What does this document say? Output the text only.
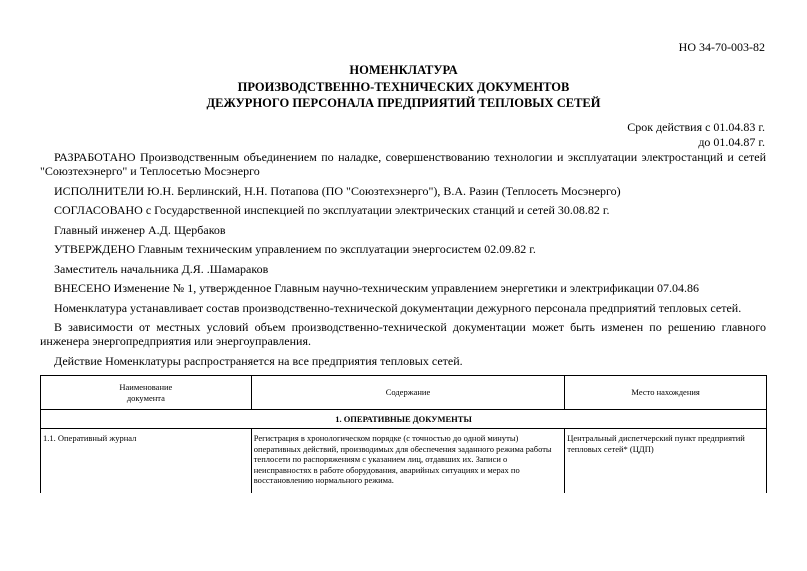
НО 34-70-003-82
НОМЕНКЛАТУРА
ПРОИЗВОДСТВЕННО-ТЕХНИЧЕСКИХ ДОКУМЕНТОВ
ДЕЖУРНОГО ПЕРСОНАЛА ПРЕДПРИЯТИЙ ТЕПЛОВЫХ СЕТЕЙ
Срок действия с 01.04.83 г.
до 01.04.87 г.

РАЗРАБОТАНО Производственным объединением по наладке, совершенствованию технологии и эксплуатации электростанций и сетей "Союзтехэнерго" и Теплосетью Мосэнерго

ИСПОЛНИТЕЛИ Ю.Н. Берлинский, Н.Н. Потапова (ПО "Союзтехэнерго"), В.А. Разин (Теплосеть Мосэнерго)

СОГЛАСОВАНО с Государственной инспекцией по эксплуатации электрических станций и сетей 30.08.82 г.

Главный инженер А.Д. Щербаков

УТВЕРЖДЕНО Главным техническим управлением по эксплуатации энергосистем 02.09.82 г.

Заместитель начальника Д.Я. .Шамараков

ВНЕСЕНО Изменение № 1, утвержденное Главным научно-техническим управлением энергетики и электрификации 07.04.86

Номенклатура устанавливает состав производственно-технической документации дежурного персонала предприятий тепловых сетей.

В зависимости от местных условий объем производственно-технической документации может быть изменен по решению главного инженера энергопредприятия или энергоуправления.

Действие Номенклатуры распространяется на все предприятия тепловых сетей.

Наименование
документа	Содержание	Место нахождения
1. ОПЕРАТИВНЫЕ ДОКУМЕНТЫ		
1.1. Оперативный журнал	Регистрация в хронологическом порядке (с точностью до одной минуты) оперативных действий, производимых для обеспечения заданного режима работы теплосети по распоряжениям с указанием лиц, отдавших их. Записи о неисправностях в работе оборудования, аварийных ситуациях и мерах по восстановлению нормального режима.	Центральный диспетчерский пункт предприятий тепловых сетей* (ЦДП)
